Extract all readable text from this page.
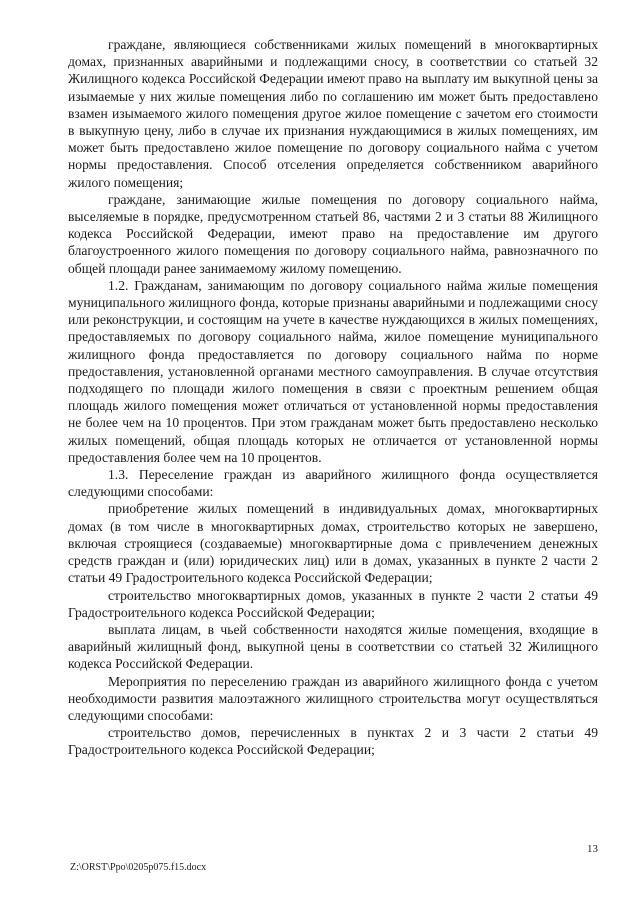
граждане, являющиеся собственниками жилых помещений в многоквартирных домах, признанных аварийными и подлежащими сносу, в соответствии со статьей 32 Жилищного кодекса Российской Федерации имеют право на выплату им выкупной цены за изымаемые у них жилые помещения либо по соглашению им может быть предоставлено взамен изымаемого жилого помещения другое жилое помещение с зачетом его стоимости в выкупную цену, либо в случае их признания нуждающимися в жилых помещениях, им может быть предоставлено жилое помещение по договору социального найма с учетом нормы предоставления. Способ отселения определяется собственником аварийного жилого помещения;

граждане, занимающие жилые помещения по договору социального найма, выселяемые в порядке, предусмотренном статьей 86, частями 2 и 3 статьи 88 Жилищного кодекса Российской Федерации, имеют право на предоставление им другого благоустроенного жилого помещения по договору социального найма, равнозначного по общей площади ранее занимаемому жилому помещению.

1.2. Гражданам, занимающим по договору социального найма жилые помещения муниципального жилищного фонда, которые признаны аварийными и подлежащими сносу или реконструкции, и состоящим на учете в качестве нуждающихся в жилых помещениях, предоставляемых по договору социального найма, жилое помещение муниципального жилищного фонда предоставляется по договору социального найма по норме предоставления, установленной органами местного самоуправления. В случае отсутствия подходящего по площади жилого помещения в связи с проектным решением общая площадь жилого помещения может отличаться от установленной нормы предоставления не более чем на 10 процентов. При этом гражданам может быть предоставлено несколько жилых помещений, общая площадь которых не отличается от установленной нормы предоставления более чем на 10 процентов.

1.3. Переселение граждан из аварийного жилищного фонда осуществляется следующими способами:

приобретение жилых помещений в индивидуальных домах, многоквартирных домах (в том числе в многоквартирных домах, строительство которых не завершено, включая строящиеся (создаваемые) многоквартирные дома с привлечением денежных средств граждан и (или) юридических лиц) или в домах, указанных в пункте 2 части 2 статьи 49 Градостроительного кодекса Российской Федерации;

строительство многоквартирных домов, указанных в пункте 2 части 2 статьи 49 Градостроительного кодекса Российской Федерации;

выплата лицам, в чьей собственности находятся жилые помещения, входящие в аварийный жилищный фонд, выкупной цены в соответствии со статьей 32 Жилищного кодекса Российской Федерации.

Мероприятия по переселению граждан из аварийного жилищного фонда с учетом необходимости развития малоэтажного жилищного строительства могут осуществляться следующими способами:

строительство домов, перечисленных в пунктах 2 и 3 части 2 статьи 49 Градостроительного кодекса Российской Федерации;

13
Z:\ORST\Ppo\0205p075.f15.docx
